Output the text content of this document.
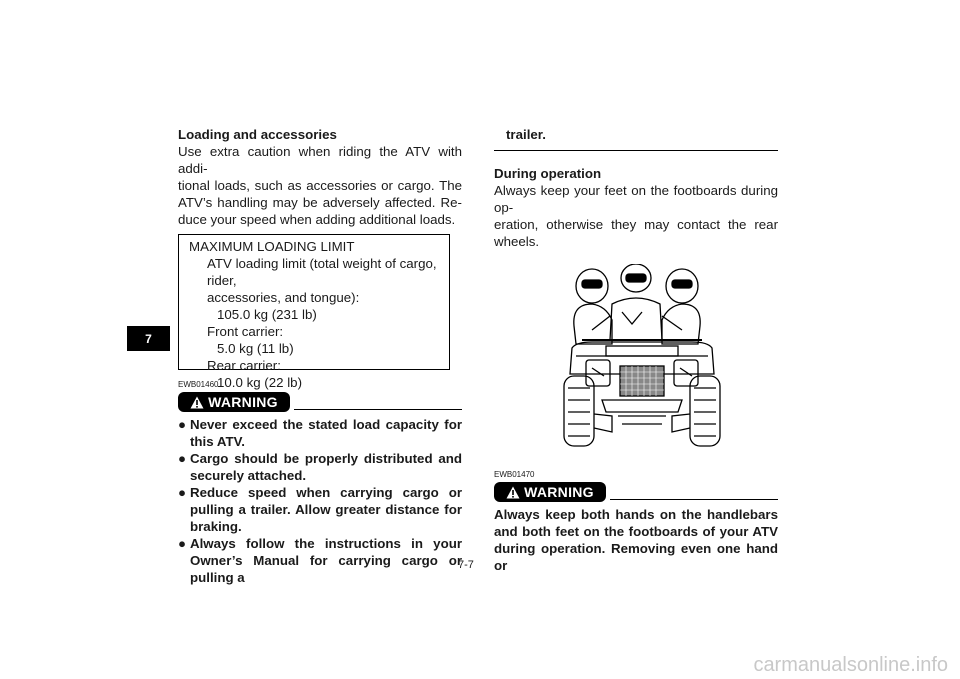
7
Loading and accessories
Use extra caution when riding the ATV with addi-
tional loads, such as accessories or cargo. The
ATV’s handling may be adversely affected. Re-
duce your speed when adding additional loads.
MAXIMUM LOADING LIMIT
ATV loading limit (total weight of cargo, rider,
accessories, and tongue):
105.0 kg (231 lb)
Front carrier:
5.0 kg (11 lb)
Rear carrier:
10.0 kg (22 lb)
EWB01460
WARNING
● Never exceed the stated load capacity for this ATV.
● Cargo should be properly distributed and securely attached.
● Reduce speed when carrying cargo or pulling a trailer. Allow greater distance for braking.
● Always follow the instructions in your Owner’s Manual for carrying cargo or pulling a
trailer.
During operation
Always keep your feet on the footboards during op-
eration, otherwise they may contact the rear
wheels.
EWB01470
WARNING
Always keep both hands on the handlebars
and both feet on the footboards of your ATV
during operation. Removing even one hand or
7-7
carmanualsonline.info
